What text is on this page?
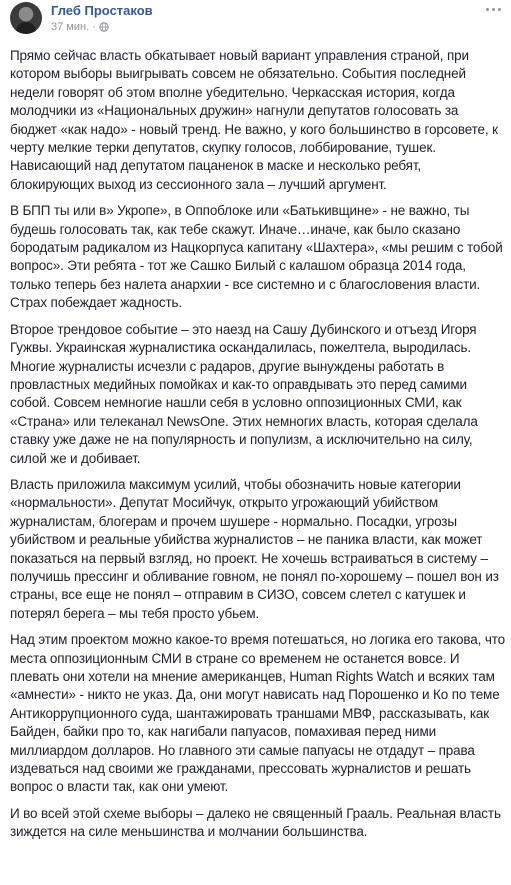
Глеб Простаков
37 мин. ·

Прямо сейчас власть обкатывает новый вариант управления страной, при котором выборы выигрывать совсем не обязательно. События последней недели говорят об этом вполне убедительно. Черкасская история, когда молодчики из «Национальных дружин» нагнули депутатов голосовать за бюджет «как надо» - новый тренд. Не важно, у кого большинство в горсовете, к черту мелкие терки депутатов, скупку голосов, лоббирование, тушек. Нависающий над депутатом пацаненок в маске и несколько ребят, блокирующих выход из сессионного зала – лучший аргумент.

В БПП ты или в» Укропе», в Оппоблоке или «Батькивщине» - не важно, ты будешь голосовать так, как тебе скажут. Иначе…иначе, как было сказано бородатым радикалом из Нацкорпуса капитану «Шахтера», «мы решим с тобой вопрос». Эти ребята - тот же Сашко Билый с калашом образца 2014 года, только теперь без налета анархии - все системно и с благословения власти. Страх побеждает жадность.

Второе трендовое событие – это наезд на Сашу Дубинского и отъезд Игоря Гужвы. Украинская журналистика оскандалилась, пожелтела, выродилась. Многие журналисты исчезли с радаров, другие вынуждены работать в провластных медийных помойках и как-то оправдывать это перед самими собой. Совсем немногие нашли себя в условно оппозиционных СМИ, как «Страна» или телеканал NewsOne. Этих немногих власть, которая сделала ставку уже даже не на популярность и популизм, а исключительно на силу, силой же и добивает.

Власть приложила максимум усилий, чтобы обозначить новые категории «нормальности». Депутат Мосийчук, открыто угрожающий убийством журналистам, блогерам и прочем шушере - нормально. Посадки, угрозы убийством и реальные убийства журналистов – не паника власти, как может показаться на первый взгляд, но проект. Не хочешь встраиваться в систему – получишь прессинг и обливание говном, не понял по-хорошему – пошел вон из страны, все еще не понял – отправим в СИЗО, совсем слетел с катушек и потерял берега – мы тебя просто убьем.

Над этим проектом можно какое-то время потешаться, но логика его такова, что места оппозиционным СМИ в стране со временем не останется вовсе. И плевать они хотели на мнение американцев, Human Rights Watch и всяких там «амнести» - никто не указ. Да, они могут нависать над Порошенко и Ко по теме Антикоррупционного суда, шантажировать траншами МВФ, рассказывать, как Байден, байки про то, как нагибали папуасов, помахивая перед ними миллиардом долларов. Но главного эти самые папуасы не отдадут – права издеваться над своими же гражданами, прессовать журналистов и решать вопрос о власти так, как они умеют.

И во всей этой схеме выборы – далеко не священный Грааль. Реальная власть зиждется на силе меньшинства и молчании большинства.
